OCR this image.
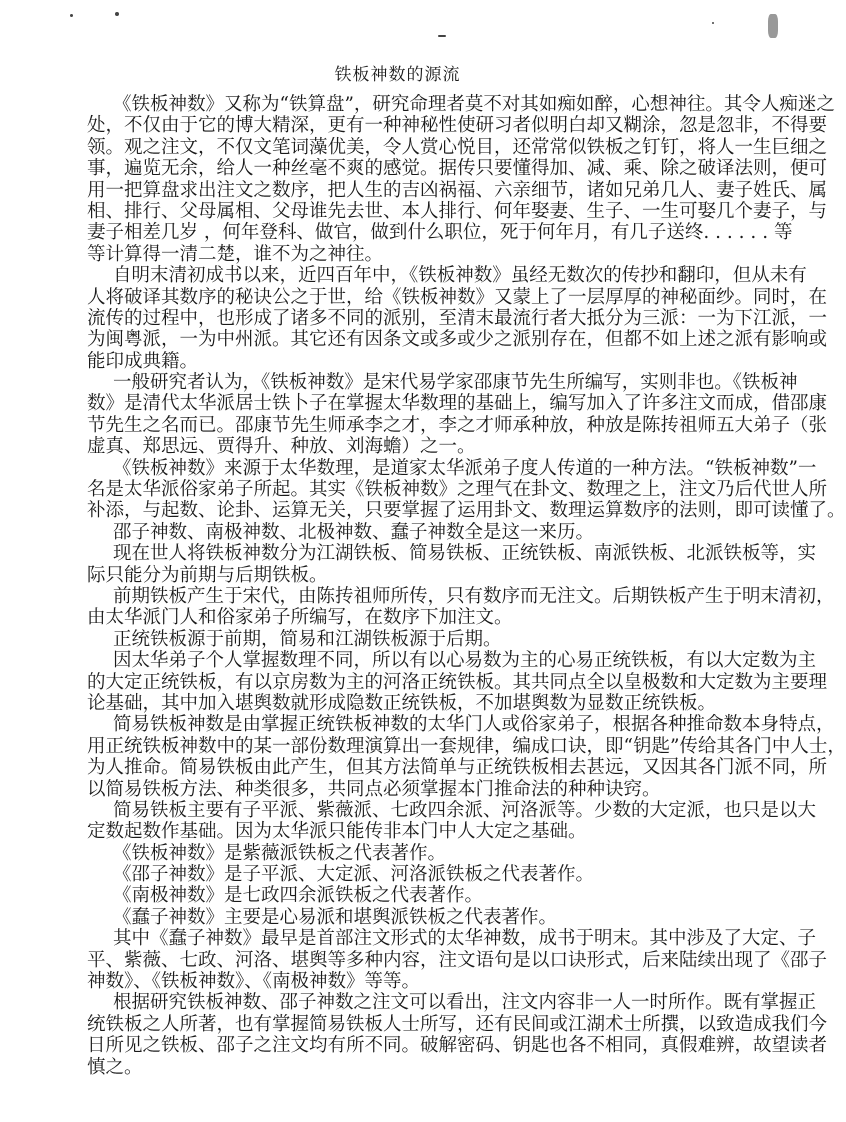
铁板神数的源流
《铁板神数》又称为“铁算盘”，研究命理者莫不对其如痴如醉，心想神往。其令人痴迷之
处，不仅由于它的博大精深，更有一种神秘性使研习者似明白却又糊涂，忽是忽非，不得要
领。观之注文，不仅文笔词藻优美，令人赏心悦目，还常常似铁板之钉钉，将人一生巨细之
事，遍览无余，给人一种丝毫不爽的感觉。据传只要懂得加、减、乘、除之破译法则，便可
用一把算盘求出注文之数序，把人生的吉凶祸福、六亲细节，诸如兄弟几人、妻子姓氏、属
相、排行、父母属相、父母谁先去世、本人排行、何年娶妻、生子、一生可娶几个妻子，与
妻子相差几岁 ，何年登科、做官，做到什么职位，死于何年月，有几子送终. . . . . . 等
等计算得一清二楚，谁不为之神往。
自明末清初成书以来，近四百年中，《铁板神数》虽经无数次的传抄和翻印，但从未有
人将破译其数序的秘诀公之于世，给《铁板神数》又蒙上了一层厚厚的神秘面纱。同时，在
流传的过程中，也形成了诸多不同的派别，至清末最流行者大抵分为三派：一为下江派，一
为闽粤派，一为中州派。其它还有因条文或多或少之派别存在，但都不如上述之派有影响或
能印成典籍。
一般研究者认为，《铁板神数》是宋代易学家邵康节先生所编写，实则非也。《铁板神
数》是清代太华派居士铁卜子在掌握太华数理的基础上，编写加入了许多注文而成，借邵康
节先生之名而已。邵康节先生师承李之才，李之才师承种放，种放是陈抟祖师五大弟子（张
虚真、郑思远、贾得升、种放、刘海蟾）之一。
《铁板神数》来源于太华数理，是道家太华派弟子度人传道的一种方法。“铁板神数”一
名是太华派俗家弟子所起。其实《铁板神数》之理气在卦文、数理之上，注文乃后代世人所
补添，与起数、论卦、运算无关，只要掌握了运用卦文、数理运算数序的法则，即可读懂了。
邵子神数、南极神数、北极神数、蠢子神数全是这一来历。
现在世人将铁板神数分为江湖铁板、简易铁板、正统铁板、南派铁板、北派铁板等，实
际只能分为前期与后期铁板。
前期铁板产生于宋代，由陈抟祖师所传，只有数序而无注文。后期铁板产生于明末清初，
由太华派门人和俗家弟子所编写，在数序下加注文。
正统铁板源于前期，简易和江湖铁板源于后期。
因太华弟子个人掌握数理不同，所以有以心易数为主的心易正统铁板，有以大定数为主
的大定正统铁板，有以京房数为主的河洛正统铁板。其共同点全以皇极数和大定数为主要理
论基础，其中加入堪舆数就形成隐数正统铁板，不加堪舆数为显数正统铁板。
简易铁板神数是由掌握正统铁板神数的太华门人或俗家弟子，根据各种推命数本身特点，
用正统铁板神数中的某一部份数理演算出一套规律，编成口诀，即“钥匙”传给其各门中人士，
为人推命。简易铁板由此产生，但其方法简单与正统铁板相去甚远，又因其各门派不同，所
以简易铁板方法、种类很多，共同点必须掌握本门推命法的种种诀窍。
简易铁板主要有子平派、紫薇派、七政四余派、河洛派等。少数的大定派，也只是以大
定数起数作基础。因为太华派只能传非本门中人大定之基础。
《铁板神数》是紫薇派铁板之代表著作。
《邵子神数》是子平派、大定派、河洛派铁板之代表著作。
《南极神数》是七政四余派铁板之代表著作。
《蠢子神数》主要是心易派和堪舆派铁板之代表著作。
其中《蠢子神数》最早是首部注文形式的太华神数，成书于明末。其中涉及了大定、子
平、紫薇、七政、河洛、堪舆等多种内容，注文语句是以口诀形式，后来陆续出现了《邵子
神数》、《铁板神数》、《南极神数》等等。
根据研究铁板神数、邵子神数之注文可以看出，注文内容非一人一时所作。既有掌握正
统铁板之人所著，也有掌握简易铁板人士所写，还有民间或江湖术士所撰，以致造成我们今
日所见之铁板、邵子之注文均有所不同。破解密码、钥匙也各不相同，真假难辨，故望读者
慎之。
